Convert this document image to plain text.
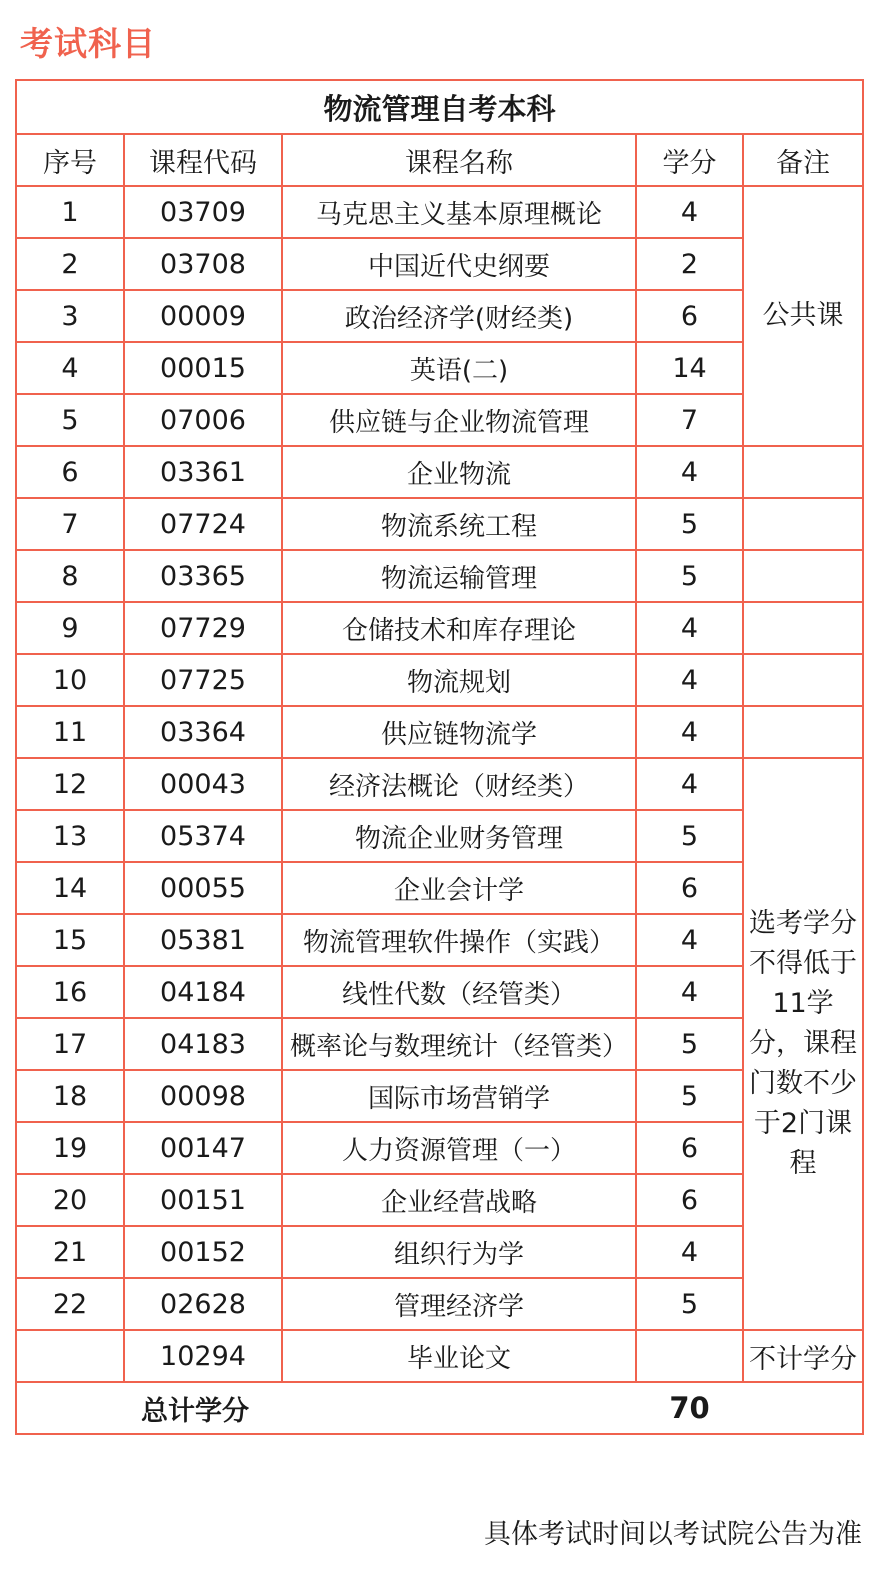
考试科目
物流管理自考本科				
序号	课程代码	课程名称	学分	备注
1	03709	马克思主义基本原理概论	4	公共课
2	03708	中国近代史纲要	2	
3	00009	政治经济学(财经类)	6	
4	00015	英语(二)	14	
5	07006	供应链与企业物流管理	7	
6	03361	企业物流	4	
7	07724	物流系统工程	5	
8	03365	物流运输管理	5	
9	07729	仓储技术和库存理论	4	
10	07725	物流规划	4	
11	03364	供应链物流学	4	
12	00043	经济法概论（财经类）	4	选考学分不得低于11学分，课程门数不少于2门课程
13	05374	物流企业财务管理	5	
14	00055	企业会计学	6	
15	05381	物流管理软件操作（实践）	4	
16	04184	线性代数（经管类）	4	
17	04183	概率论与数理统计（经管类）	5	
18	00098	国际市场营销学	5	
19	00147	人力资源管理（一）	6	
20	00151	企业经营战略	6	
21	00152	组织行为学	4	
22	02628	管理经济学	5	
	10294	毕业论文		不计学分
总计学分			70	
具体考试时间以考试院公告为准
